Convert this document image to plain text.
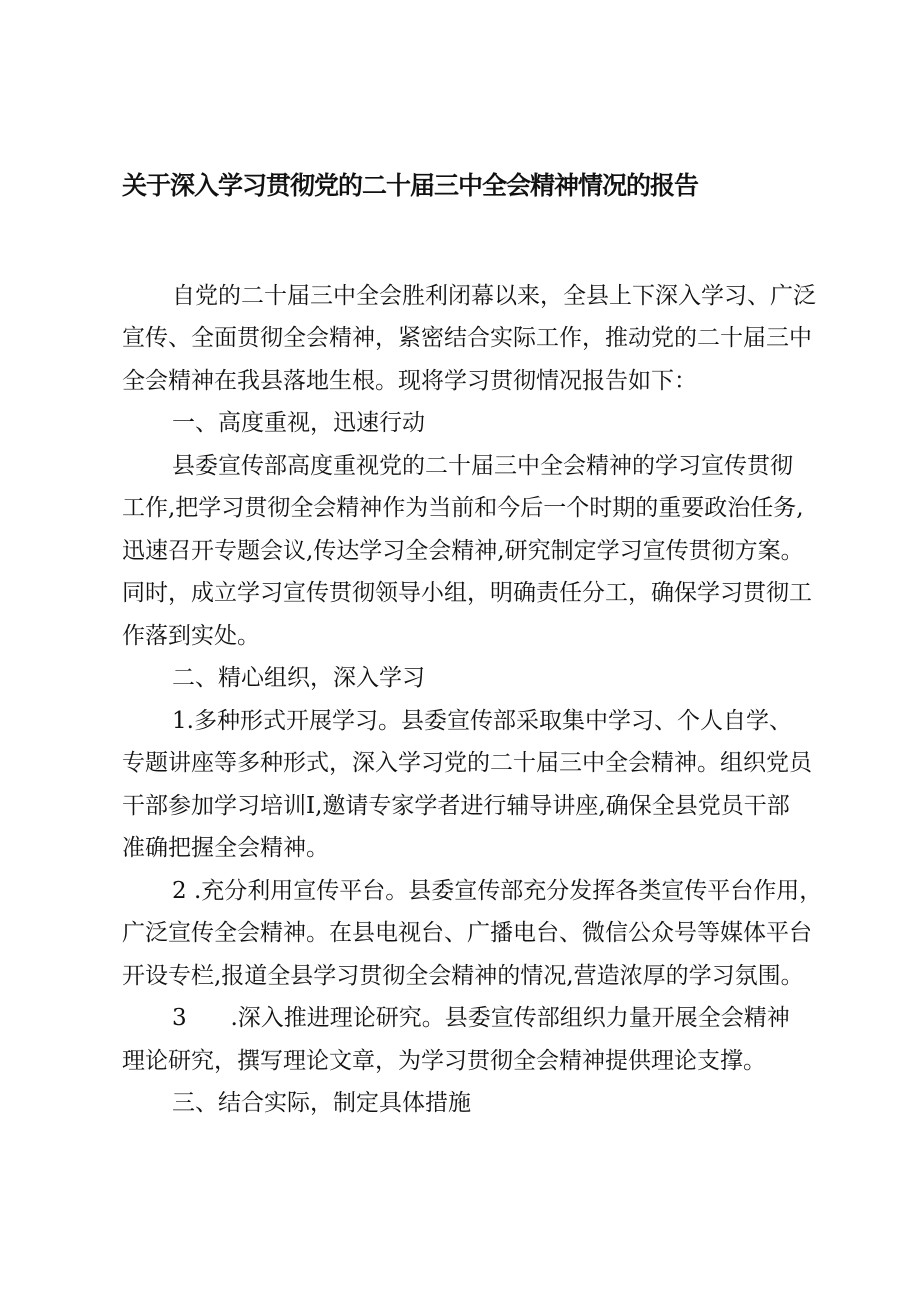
关于深入学习贯彻党的二十届三中全会精神情况的报告

自党的二十届三中全会胜利闭幕以来，全县上下深入学习、广泛

宣传、全面贯彻全会精神，紧密结合实际工作，推动党的二十届三中

全会精神在我县落地生根。现将学习贯彻情况报告如下：

一、高度重视，迅速行动

县委宣传部高度重视党的二十届三中全会精神的学习宣传贯彻

工作,把学习贯彻全会精神作为当前和今后一个时期的重要政治任务,

迅速召开专题会议,传达学习全会精神,研究制定学习宣传贯彻方案。

同时，成立学习宣传贯彻领导小组，明确责任分工，确保学习贯彻工

作落到实处。

二、精心组织，深入学习

1.多种形式开展学习。县委宣传部采取集中学习、个人自学、

专题讲座等多种形式，深入学习党的二十届三中全会精神。组织党员

干部参加学习培训I,邀请专家学者进行辅导讲座,确保全县党员干部

准确把握全会精神。

2 .充分利用宣传平台。县委宣传部充分发挥各类宣传平台作用，

广泛宣传全会精神。在县电视台、广播电台、微信公众号等媒体平台

开设专栏,报道全县学习贯彻全会精神的情况,营造浓厚的学习氛围。

3      .深入推进理论研究。县委宣传部组织力量开展全会精神

理论研究，撰写理论文章，为学习贯彻全会精神提供理论支撑。

三、结合实际，制定具体措施
